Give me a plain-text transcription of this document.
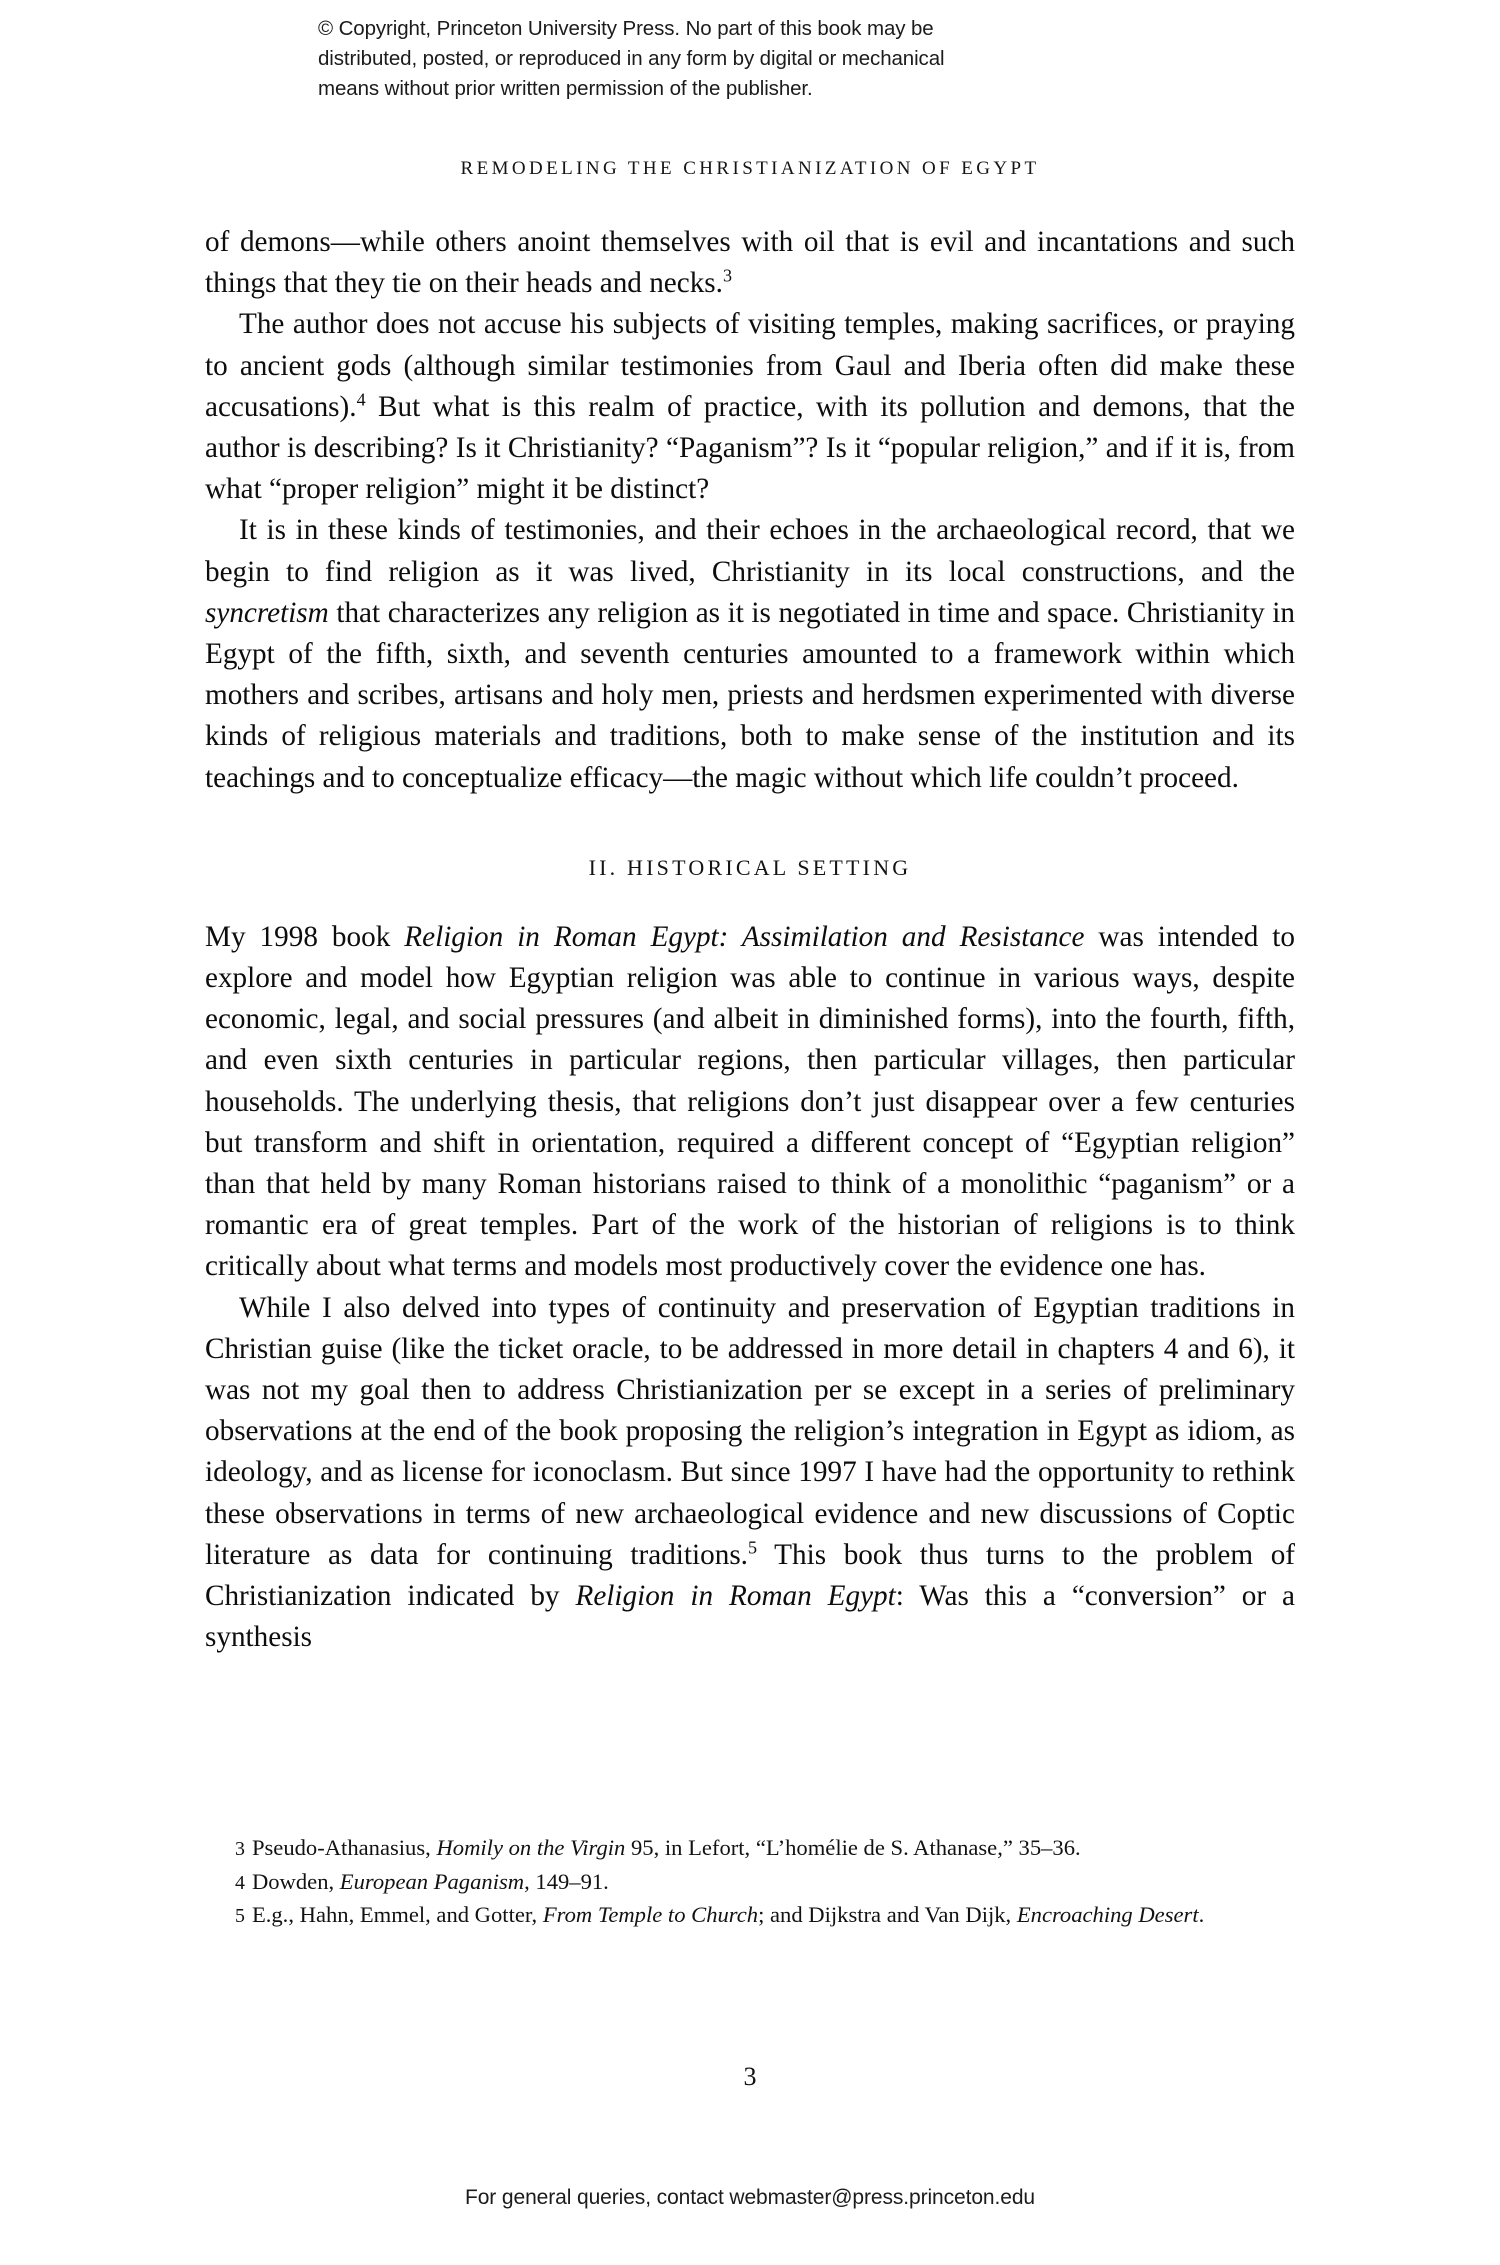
© Copyright, Princeton University Press. No part of this book may be
distributed, posted, or reproduced in any form by digital or mechanical
means without prior written permission of the publisher.
REMODELING THE CHRISTIANIZATION OF EGYPT

of demons—while others anoint themselves with oil that is evil and incantations and such things that they tie on their heads and necks.$^3$

The author does not accuse his subjects of visiting temples, making sacrifices, or praying to ancient gods (although similar testimonies from Gaul and Iberia often did make these accusations).$^4$ But what is this realm of practice, with its pollution and demons, that the author is describing? Is it Christianity? “Paganism”? Is it “popular religion,” and if it is, from what “proper religion” might it be distinct?

It is in these kinds of testimonies, and their echoes in the archaeological record, that we begin to find religion as it was lived, Christianity in its local constructions, and the syncretism that characterizes any religion as it is negotiated in time and space. Christianity in Egypt of the fifth, sixth, and seventh centuries amounted to a framework within which mothers and scribes, artisans and holy men, priests and herdsmen experimented with diverse kinds of religious materials and traditions, both to make sense of the institution and its teachings and to conceptualize efficacy—the magic without which life couldn’t proceed.

II. HISTORICAL SETTING

My 1998 book Religion in Roman Egypt: Assimilation and Resistance was intended to explore and model how Egyptian religion was able to continue in various ways, despite economic, legal, and social pressures (and albeit in diminished forms), into the fourth, fifth, and even sixth centuries in particular regions, then particular villages, then particular households. The underlying thesis, that religions don’t just disappear over a few centuries but transform and shift in orientation, required a different concept of “Egyptian religion” than that held by many Roman historians raised to think of a monolithic “paganism” or a romantic era of great temples. Part of the work of the historian of religions is to think critically about what terms and models most productively cover the evidence one has.

While I also delved into types of continuity and preservation of Egyptian traditions in Christian guise (like the ticket oracle, to be addressed in more detail in chapters 4 and 6), it was not my goal then to address Christianization per se except in a series of preliminary observations at the end of the book proposing the religion’s integration in Egypt as idiom, as ideology, and as license for iconoclasm. But since 1997 I have had the opportunity to rethink these observations in terms of new archaeological evidence and new discussions of Coptic literature as data for continuing traditions.$^5$ This book thus turns to the problem of Christianization indicated by Religion in Roman Egypt: Was this a “conversion” or a synthesis

3 Pseudo-Athanasius, Homily on the Virgin 95, in Lefort, “L’homélie de S. Athanase,” 35–36.

4 Dowden, European Paganism, 149–91.

5 E.g., Hahn, Emmel, and Gotter, From Temple to Church; and Dijkstra and Van Dijk, Encroaching Desert.

3
For general queries, contact webmaster@press.princeton.edu
